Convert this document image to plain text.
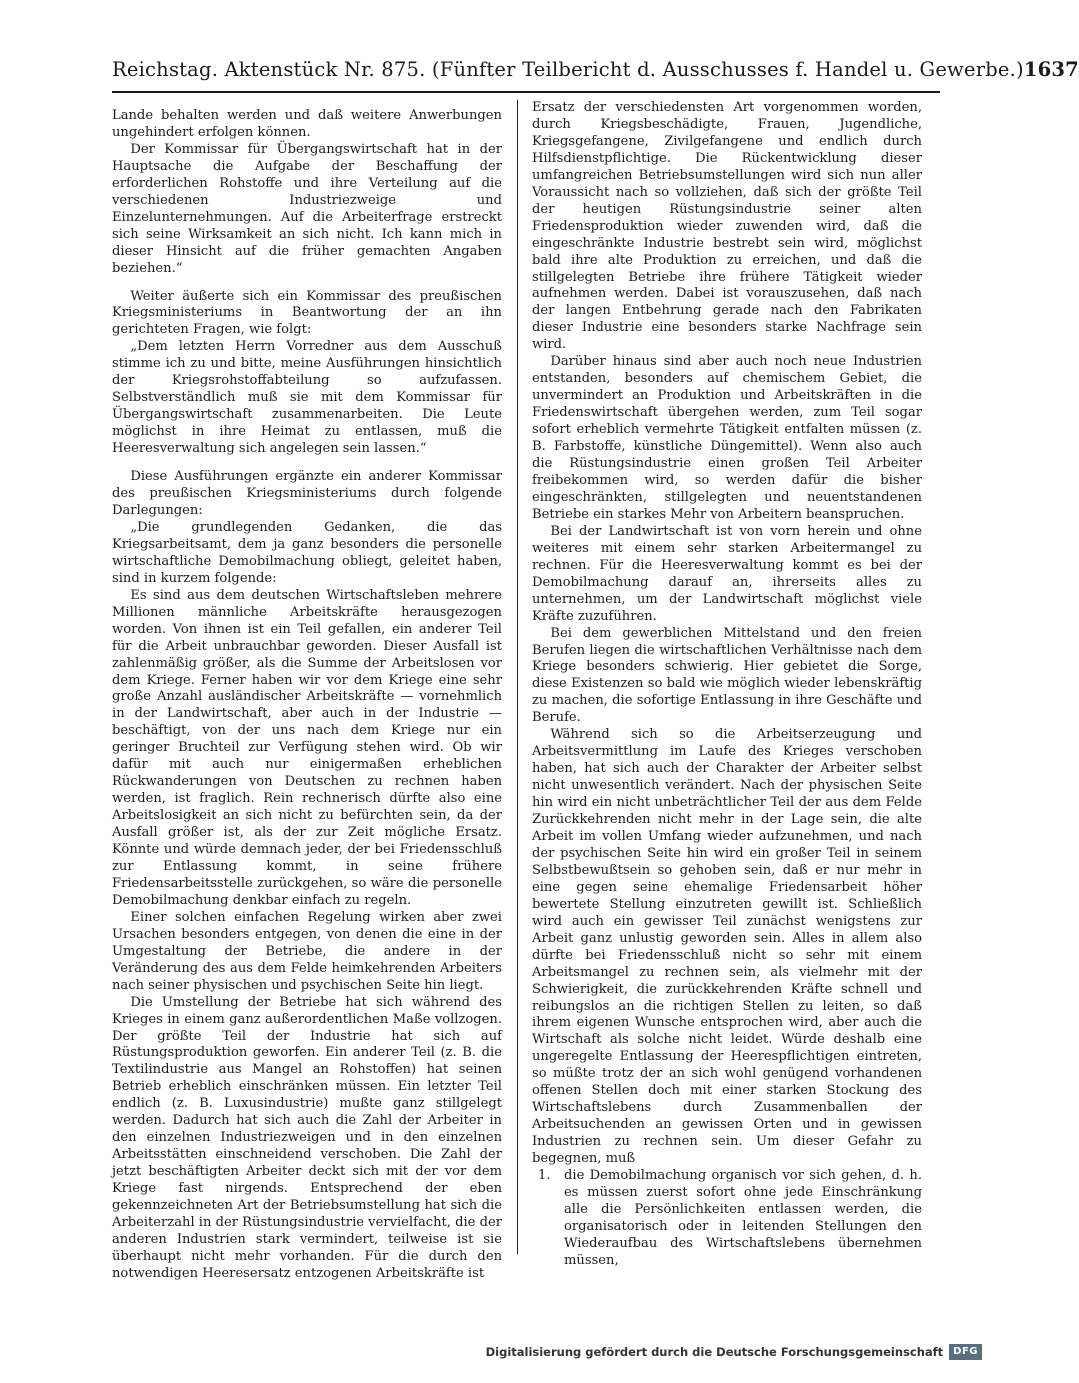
Reichstag. Aktenstück Nr. 875. (Fünfter Teilbericht d. Ausschusses f. Handel u. Gewerbe.) 1637

Lande behalten werden und daß weitere Anwerbungen ungehindert erfolgen können.

Der Kommissar für Übergangswirtschaft hat in der Hauptsache die Aufgabe der Beschaffung der erforderlichen Rohstoffe und ihre Verteilung auf die verschiedenen Industriezweige und Einzelunternehmungen. Auf die Arbeiterfrage erstreckt sich seine Wirksamkeit an sich nicht. Ich kann mich in dieser Hinsicht auf die früher gemachten Angaben beziehen.“

Weiter äußerte sich ein Kommissar des preußischen Kriegsministeriums in Beantwortung der an ihn gerichteten Fragen, wie folgt:

„Dem letzten Herrn Vorredner aus dem Ausschuß stimme ich zu und bitte, meine Ausführungen hinsichtlich der Kriegsrohstoffabteilung so aufzufassen. Selbstverständlich muß sie mit dem Kommissar für Übergangswirtschaft zusammenarbeiten. Die Leute möglichst in ihre Heimat zu entlassen, muß die Heeresverwaltung sich angelegen sein lassen.“

Diese Ausführungen ergänzte ein anderer Kommissar des preußischen Kriegsministeriums durch folgende Darlegungen:

„Die grundlegenden Gedanken, die das Kriegsarbeitsamt, dem ja ganz besonders die personelle wirtschaftliche Demobilmachung obliegt, geleitet haben, sind in kurzem folgende:

Es sind aus dem deutschen Wirtschaftsleben mehrere Millionen männliche Arbeitskräfte herausgezogen worden. Von ihnen ist ein Teil gefallen, ein anderer Teil für die Arbeit unbrauchbar geworden. Dieser Ausfall ist zahlenmäßig größer, als die Summe der Arbeitslosen vor dem Kriege. Ferner haben wir vor dem Kriege eine sehr große Anzahl ausländischer Arbeitskräfte — vornehmlich in der Landwirtschaft, aber auch in der Industrie — beschäftigt, von der uns nach dem Kriege nur ein geringer Bruchteil zur Verfügung stehen wird. Ob wir dafür mit auch nur einigermaßen erheblichen Rückwanderungen von Deutschen zu rechnen haben werden, ist fraglich. Rein rechnerisch dürfte also eine Arbeitslosigkeit an sich nicht zu befürchten sein, da der Ausfall größer ist, als der zur Zeit mögliche Ersatz. Könnte und würde demnach jeder, der bei Friedensschluß zur Entlassung kommt, in seine frühere Friedensarbeitsstelle zurückgehen, so wäre die personelle Demobilmachung denkbar einfach zu regeln.

Einer solchen einfachen Regelung wirken aber zwei Ursachen besonders entgegen, von denen die eine in der Umgestaltung der Betriebe, die andere in der Veränderung des aus dem Felde heimkehrenden Arbeiters nach seiner physischen und psychischen Seite hin liegt.

Die Umstellung der Betriebe hat sich während des Krieges in einem ganz außerordentlichen Maße vollzogen. Der größte Teil der Industrie hat sich auf Rüstungsproduktion geworfen. Ein anderer Teil (z. B. die Textilindustrie aus Mangel an Rohstoffen) hat seinen Betrieb erheblich einschränken müssen. Ein letzter Teil endlich (z. B. Luxusindustrie) mußte ganz stillgelegt werden. Dadurch hat sich auch die Zahl der Arbeiter in den einzelnen Industriezweigen und in den einzelnen Arbeitsstätten einschneidend verschoben. Die Zahl der jetzt beschäftigten Arbeiter deckt sich mit der vor dem Kriege fast nirgends. Entsprechend der eben gekennzeichneten Art der Betriebsumstellung hat sich die Arbeiterzahl in der Rüstungsindustrie vervielfacht, die der anderen Industrien stark vermindert, teilweise ist sie überhaupt nicht mehr vorhanden. Für die durch den notwendigen Heeresersatz entzogenen Arbeitskräfte ist

Ersatz der verschiedensten Art vorgenommen worden, durch Kriegsbeschädigte, Frauen, Jugendliche, Kriegsgefangene, Zivilgefangene und endlich durch Hilfsdienstpflichtige. Die Rückentwicklung dieser umfangreichen Betriebsumstellungen wird sich nun aller Voraussicht nach so vollziehen, daß sich der größte Teil der heutigen Rüstungsindustrie seiner alten Friedensproduktion wieder zuwenden wird, daß die eingeschränkte Industrie bestrebt sein wird, möglichst bald ihre alte Produktion zu erreichen, und daß die stillgelegten Betriebe ihre frühere Tätigkeit wieder aufnehmen werden. Dabei ist vorauszusehen, daß nach der langen Entbehrung gerade nach den Fabrikaten dieser Industrie eine besonders starke Nachfrage sein wird.

Darüber hinaus sind aber auch noch neue Industrien entstanden, besonders auf chemischem Gebiet, die unvermindert an Produktion und Arbeitskräften in die Friedenswirtschaft übergehen werden, zum Teil sogar sofort erheblich vermehrte Tätigkeit entfalten müssen (z. B. Farbstoffe, künstliche Düngemittel). Wenn also auch die Rüstungsindustrie einen großen Teil Arbeiter freibekommen wird, so werden dafür die bisher eingeschränkten, stillgelegten und neuentstandenen Betriebe ein starkes Mehr von Arbeitern beanspruchen.

Bei der Landwirtschaft ist von vorn herein und ohne weiteres mit einem sehr starken Arbeitermangel zu rechnen. Für die Heeresverwaltung kommt es bei der Demobilmachung darauf an, ihrerseits alles zu unternehmen, um der Landwirtschaft möglichst viele Kräfte zuzuführen.

Bei dem gewerblichen Mittelstand und den freien Berufen liegen die wirtschaftlichen Verhältnisse nach dem Kriege besonders schwierig. Hier gebietet die Sorge, diese Existenzen so bald wie möglich wieder lebenskräftig zu machen, die sofortige Entlassung in ihre Geschäfte und Berufe.

Während sich so die Arbeitserzeugung und Arbeitsvermittlung im Laufe des Krieges verschoben haben, hat sich auch der Charakter der Arbeiter selbst nicht unwesentlich verändert. Nach der physischen Seite hin wird ein nicht unbeträchtlicher Teil der aus dem Felde Zurückkehrenden nicht mehr in der Lage sein, die alte Arbeit im vollen Umfang wieder aufzunehmen, und nach der psychischen Seite hin wird ein großer Teil in seinem Selbstbewußtsein so gehoben sein, daß er nur mehr in eine gegen seine ehemalige Friedensarbeit höher bewertete Stellung einzutreten gewillt ist. Schließlich wird auch ein gewisser Teil zunächst wenigstens zur Arbeit ganz unlustig geworden sein. Alles in allem also dürfte bei Friedensschluß nicht so sehr mit einem Arbeitsmangel zu rechnen sein, als vielmehr mit der Schwierigkeit, die zurückkehrenden Kräfte schnell und reibungslos an die richtigen Stellen zu leiten, so daß ihrem eigenen Wunsche entsprochen wird, aber auch die Wirtschaft als solche nicht leidet. Würde deshalb eine ungeregelte Entlassung der Heerespflichtigen eintreten, so müßte trotz der an sich wohl genügend vorhandenen offenen Stellen doch mit einer starken Stockung des Wirtschaftslebens durch Zusammenballen der Arbeitsuchenden an gewissen Orten und in gewissen Industrien zu rechnen sein. Um dieser Gefahr zu begegnen, muß

1.	die Demobilmachung organisch vor sich gehen, d. h. es müssen zuerst sofort ohne jede Einschränkung alle die Persönlichkeiten entlassen werden, die organisatorisch oder in leitenden Stellungen den Wiederaufbau des Wirtschaftslebens übernehmen müssen,
Digitalisierung gefördert durch die Deutsche Forschungsgemeinschaft	DFG
